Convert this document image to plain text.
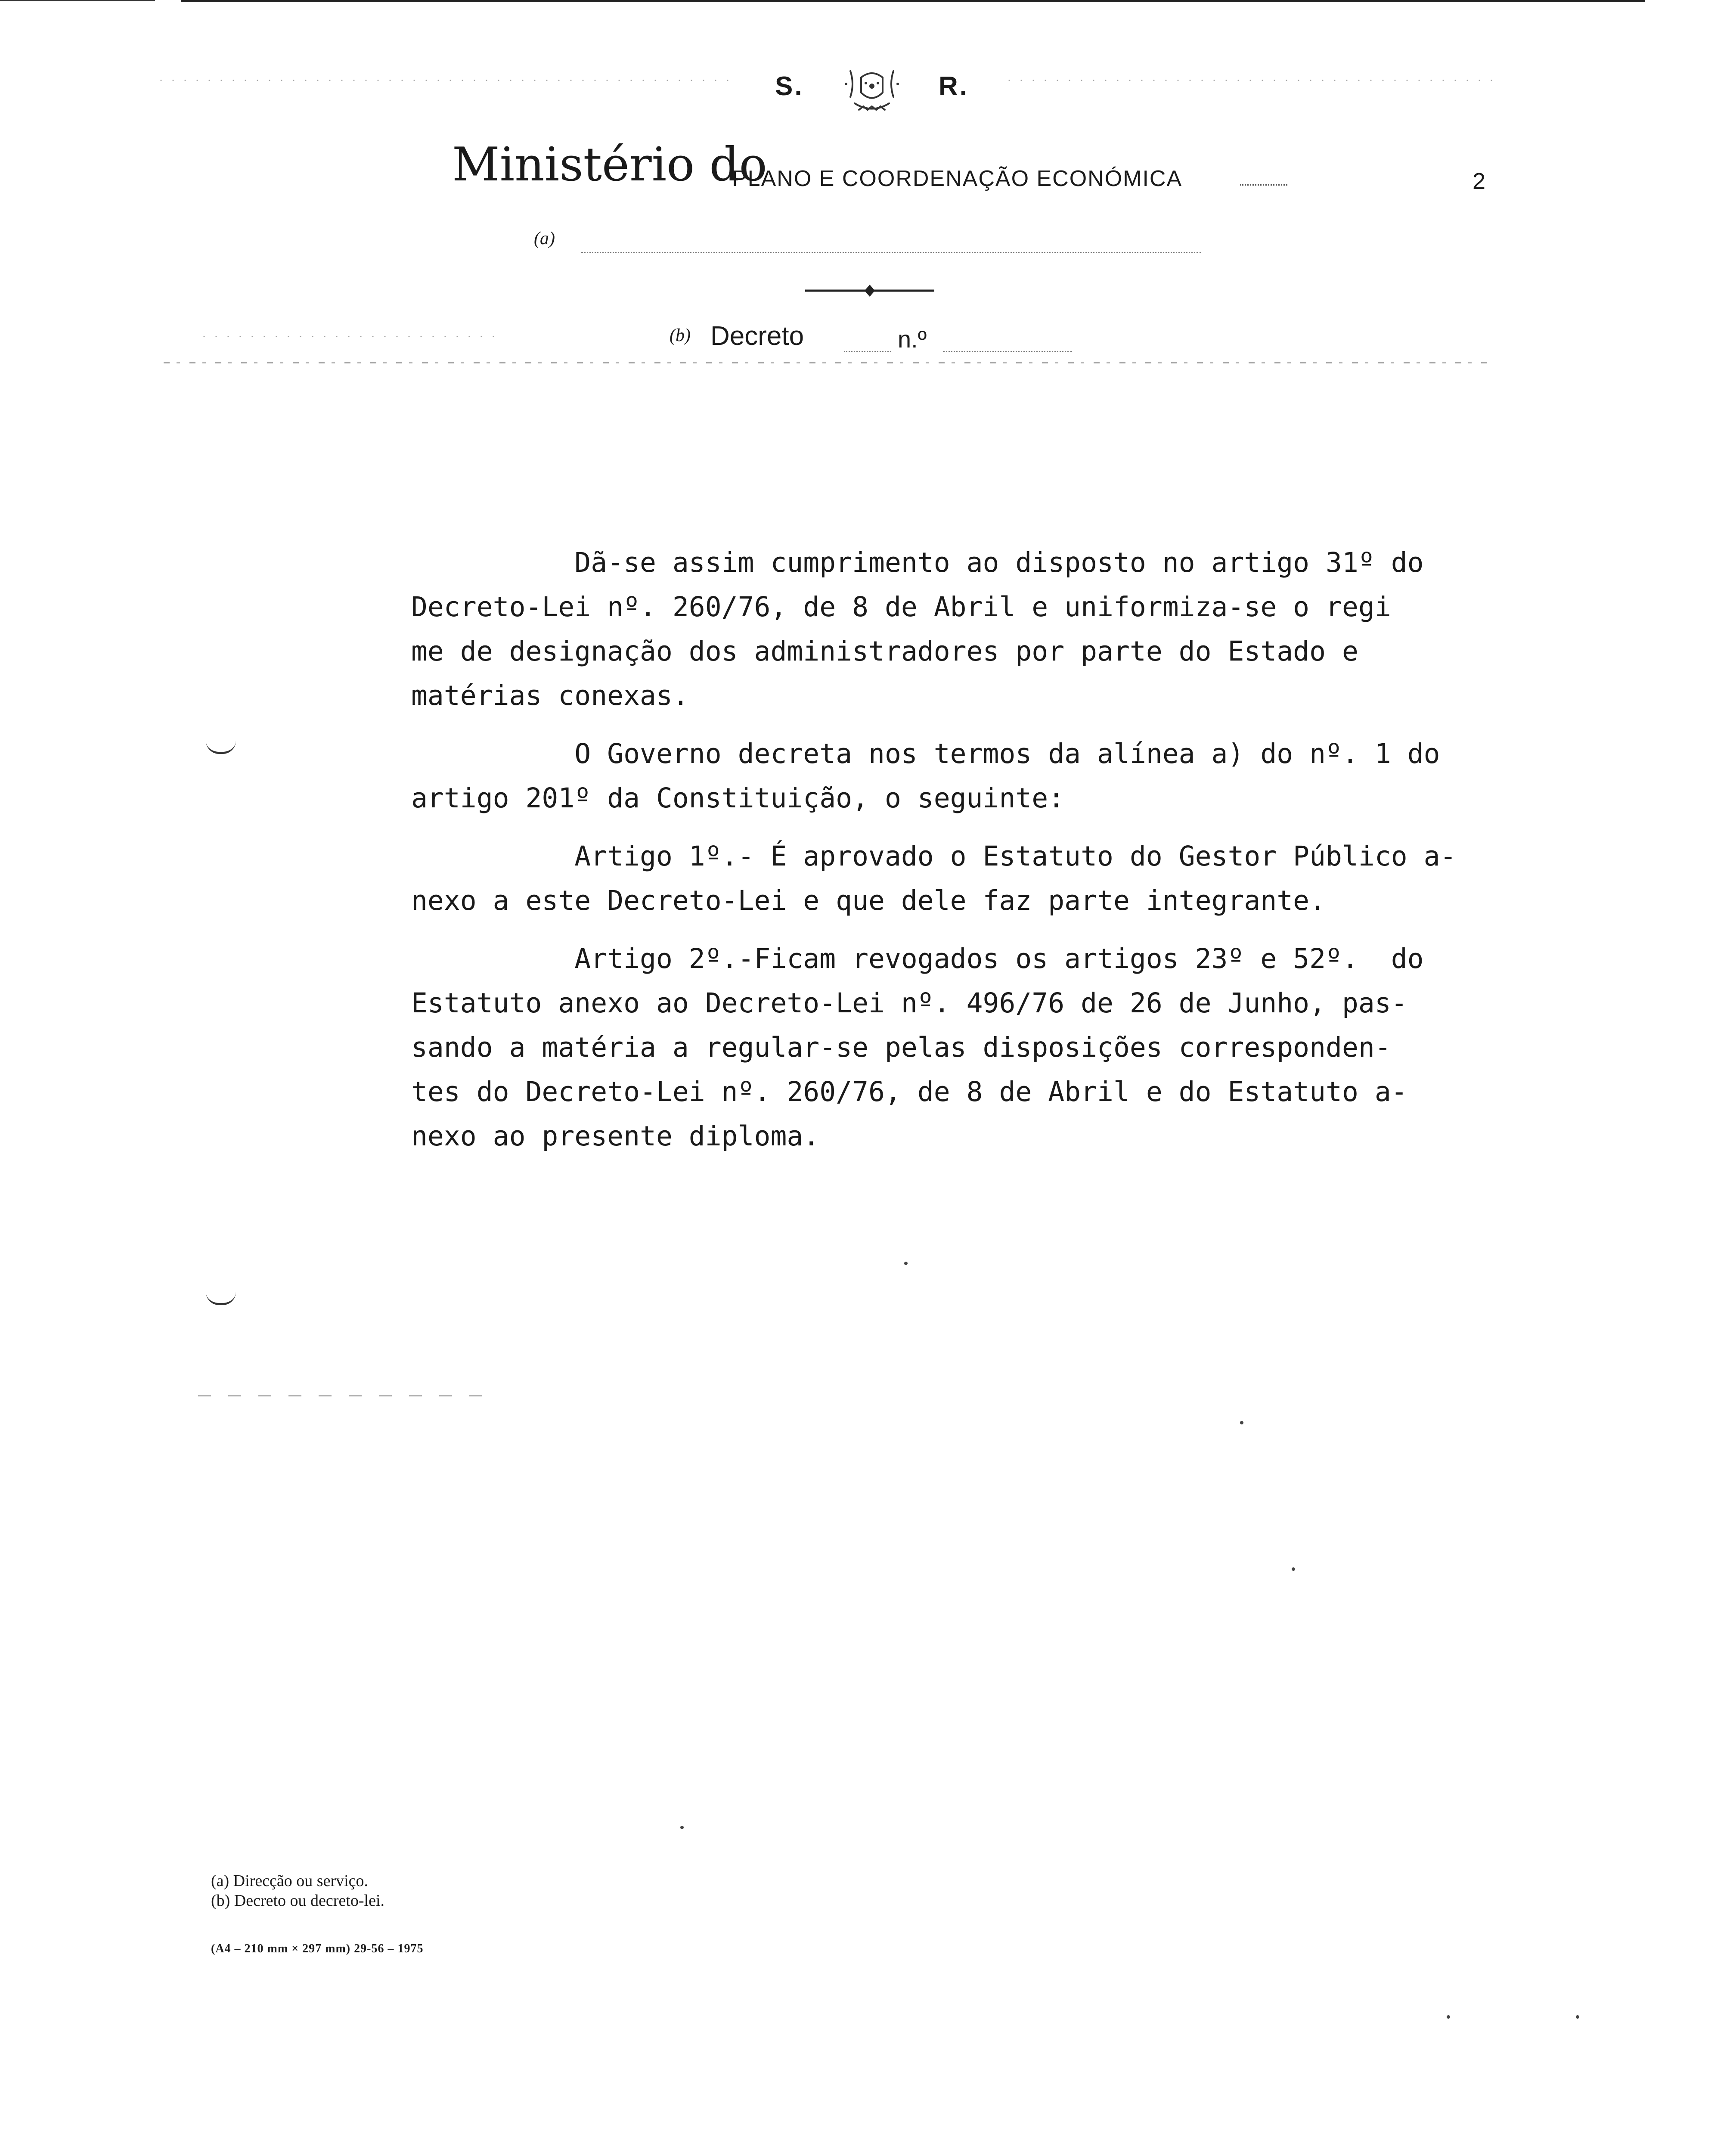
S.	R.
Ministério do
PLANO E COORDENAÇÃO ECONÓMICA	2
(a)
(b) Decreto	n.º

Dã-se assim cumprimento ao disposto no artigo 31º do

Decreto-Lei nº. 260/76, de 8 de Abril e uniformiza-se o regi

me de designação dos administradores por parte do Estado e

matérias conexas.

O Governo decreta nos termos da alínea a) do nº. 1 do

artigo 201º da Constituição, o seguinte:

Artigo 1º.- É aprovado o Estatuto do Gestor Público a-

nexo a este Decreto-Lei e que dele faz parte integrante.

Artigo 2º.-Ficam revogados os artigos 23º e 52º.  do

Estatuto anexo ao Decreto-Lei nº. 496/76 de 26 de Junho, pas-

sando a matéria a regular-se pelas disposições corresponden-

tes do Decreto-Lei nº. 260/76, de 8 de Abril e do Estatuto a-

nexo ao presente diploma.

(a) Direcção ou serviço.
(b) Decreto ou decreto-lei.
(A4 – 210 mm × 297 mm) 29-56 – 1975
